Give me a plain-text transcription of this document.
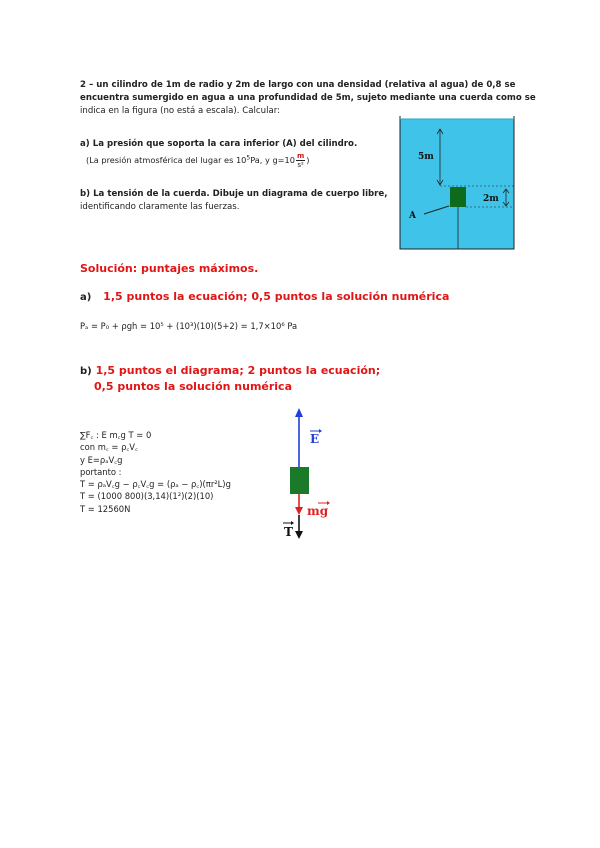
2 – un cilindro de 1m de radio y 2m de largo con una densidad (relativa al agua) de 0,8 se
encuentra sumergido en agua a una profundidad de 5m, sujeto mediante una cuerda como se
indica en la figura (no está a escala). Calcular:
a) La presión que soporta la cara inferior (A) del cilindro.
(La presión atmosférica del lugar es $10^5Pa$, y $g=10 \frac{m}{\text{s²}}$ )
b) La tensión de la cuerda. Dibuje un diagrama de cuerpo libre,
identificando claramente las fuerzas.
5m
2m
A
Solución: puntajes máximos.
a) 1,5 puntos la ecuación; 0,5 puntos la solución numérica
Pₐ = P₀ + ρgh = 10⁵ + (10³)(10)(5+2) = 1,7×10⁶ Pa
b) 1,5 puntos el diagrama; 2 puntos la ecuación;
0,5 puntos la solución numérica
∑F꜀ : E m꜀g T = 0
con m꜀ = ρ꜀V꜀
y E=ρₐV꜀g
portanto :
T = ρₐV꜀g − ρ꜀V꜀g = (ρₐ − ρ꜀)(πr²L)g
T = (1000 800)(3,14)(1²)(2)(10)
T = 12560N
E
mg
T
